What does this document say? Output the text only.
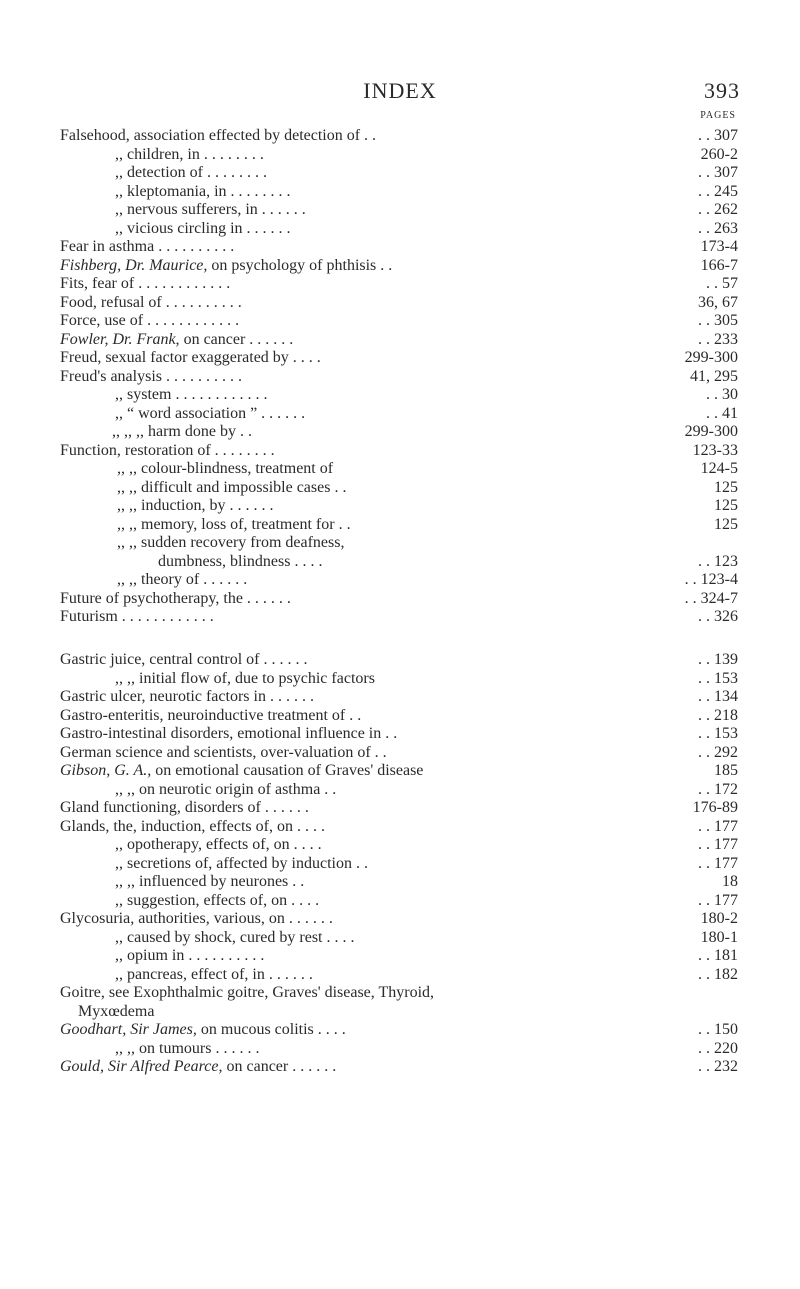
INDEX	393
PAGES
Falsehood, association effected by detection of . .	. . 307
,, children, in . . . . . . . .	260-2
,, detection of . . . . . . . .	. . 307
,, kleptomania, in . . . . . . . .	. . 245
,, nervous sufferers, in . . . . . .	. . 262
,, vicious circling in . . . . . .	. . 263
Fear in asthma . . . . . . . . . .	173-4
Fishberg, Dr. Maurice, on psychology of phthisis . .	166-7
Fits, fear of . . . . . . . . . . . .	. . 57
Food, refusal of . . . . . . . . . .	36, 67
Force, use of . . . . . . . . . . . .	. . 305
Fowler, Dr. Frank, on cancer . . . . . .	. . 233
Freud, sexual factor exaggerated by . . . .	299-300
Freud's analysis . . . . . . . . . .	41, 295
,, system . . . . . . . . . . . .	. . 30
,, “ word association ” . . . . . .	. . 41
,, ,, ,, harm done by . .	299-300
Function, restoration of . . . . . . . .	123-33
,, ,, colour-blindness, treatment of	124-5
,, ,, difficult and impossible cases . .	125
,, ,, induction, by . . . . . .	125
,, ,, memory, loss of, treatment for . .	125
,, ,, sudden recovery from deafness,
dumbness, blindness . . . .	. . 123
,, ,, theory of . . . . . .	. . 123-4
Future of psychotherapy, the . . . . . .	. . 324-7
Futurism . . . . . . . . . . . .	. . 326
Gastric juice, central control of . . . . . .	. . 139
,, ,, initial flow of, due to psychic factors	. . 153
Gastric ulcer, neurotic factors in . . . . . .	. . 134
Gastro-enteritis, neuroinductive treatment of . .	. . 218
Gastro-intestinal disorders, emotional influence in . .	. . 153
German science and scientists, over-valuation of . .	. . 292
Gibson, G. A., on emotional causation of Graves' disease	185
,, ,, on neurotic origin of asthma . .	. . 172
Gland functioning, disorders of . . . . . .	176-89
Glands, the, induction, effects of, on . . . .	. . 177
,, opotherapy, effects of, on . . . .	. . 177
,, secretions of, affected by induction . .	. . 177
,, ,, influenced by neurones . .	18
,, suggestion, effects of, on . . . .	. . 177
Glycosuria, authorities, various, on . . . . . .	180-2
,, caused by shock, cured by rest . . . .	180-1
,, opium in . . . . . . . . . .	. . 181
,, pancreas, effect of, in . . . . . .	. . 182
Goitre, see Exophthalmic goitre, Graves' disease, Thyroid,
Myxœdema
Goodhart, Sir James, on mucous colitis . . . .	. . 150
,, ,, on tumours . . . . . .	. . 220
Gould, Sir Alfred Pearce, on cancer . . . . . .	. . 232
